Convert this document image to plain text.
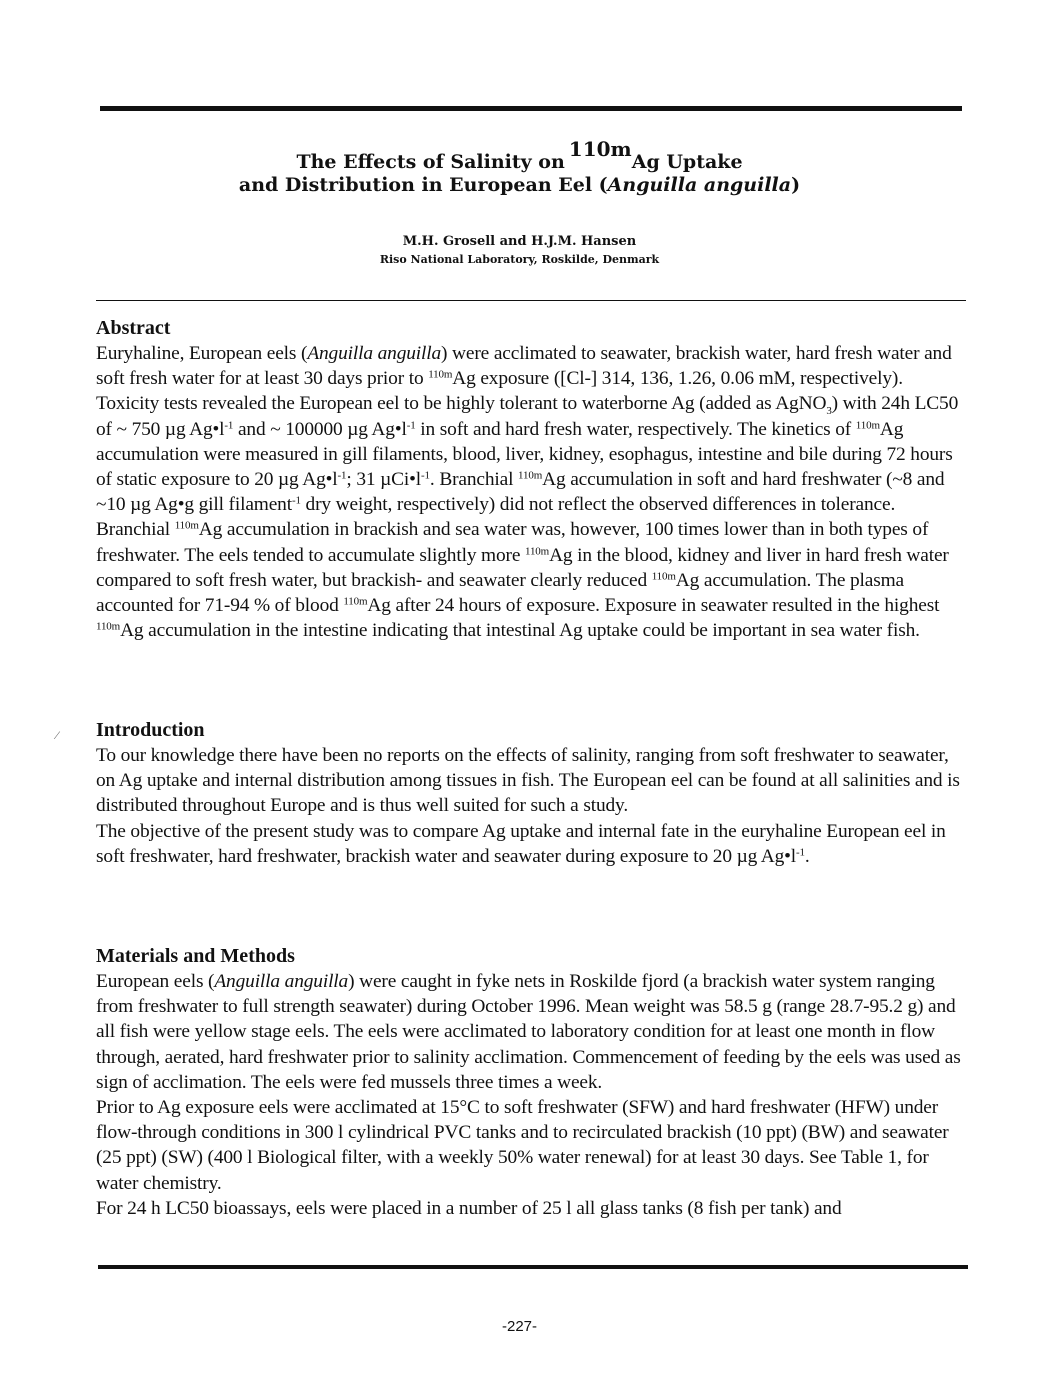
The Effects of Salinity on110mAg Uptake
and Distribution in European Eel (Anguilla anguilla)
M.H. Grosell and H.J.M. Hansen
Riso National Laboratory, Roskilde, Denmark

Abstract

Euryhaline, European eels (Anguilla anguilla) were acclimated to seawater, brackish water, hard fresh water and soft fresh water for at least 30 days prior to $^{110m}$Ag exposure ([Cl-] 314, 136, 1.26, 0.06 mM, respectively). Toxicity tests revealed the European eel to be highly tolerant to waterborne Ag (added as AgNO$_3$) with 24h LC50 of ~ 750 µg $Ag•l^{-1}$ and ~ 100000 µg $Ag•l^{-1}$ in soft and hard fresh water, respectively. The kinetics of $^{110m}$Ag accumulation were measured in gill filaments, blood, liver, kidney, esophagus, intestine and bile during 72 hours of static exposure to 20 µg $Ag•l^{-1}$; 31 $\mu Ci•l^{-1}$. Branchial $^{110m}$Ag accumulation in soft and hard freshwater (~8 and ~10 µg Ag•g gill filament$^{-1}$ dry weight, respectively) did not reflect the observed differences in tolerance. Branchial $^{110m}$Ag accumulation in brackish and sea water was, however, 100 times lower than in both types of freshwater. The eels tended to accumulate slightly more $^{110m}$Ag in the blood, kidney and liver in hard fresh water compared to soft fresh water, but brackish- and seawater clearly reduced $^{110m}$Ag accumulation. The plasma accounted for 71-94 % of blood $^{110m}$Ag after 24 hours of exposure. Exposure in seawater resulted in the highest $^{110m}$Ag accumulation in the intestine indicating that intestinal Ag uptake could be important in sea water fish.

⁄ Introduction

To our knowledge there have been no reports on the effects of salinity, ranging from soft freshwater to seawater, on Ag uptake and internal distribution among tissues in fish. The European eel can be found at all salinities and is distributed throughout Europe and is thus well suited for such a study.

The objective of the present study was to compare Ag uptake and internal fate in the euryhaline European eel in soft freshwater, hard freshwater, brackish water and seawater during exposure to 20 µg $Ag•l^{-1}$.

Materials and Methods

European eels (Anguilla anguilla) were caught in fyke nets in Roskilde fjord (a brackish water system ranging from freshwater to full strength seawater) during October 1996. Mean weight was 58.5 g (range 28.7-95.2 g) and all fish were yellow stage eels. The eels were acclimated to laboratory condition for at least one month in flow through, aerated, hard freshwater prior to salinity acclimation. Commencement of feeding by the eels was used as sign of acclimation. The eels were fed mussels three times a week.

Prior to Ag exposure eels were acclimated at 15°C to soft freshwater (SFW) and hard freshwater (HFW) under flow-through conditions in 300 l cylindrical PVC tanks and to recirculated brackish (10 ppt) (BW) and seawater (25 ppt) (SW) (400 l Biological filter, with a weekly 50% water renewal) for at least 30 days. See Table 1, for water chemistry.

For 24 h LC50 bioassays, eels were placed in a number of 25 l all glass tanks (8 fish per tank) and

-227-
